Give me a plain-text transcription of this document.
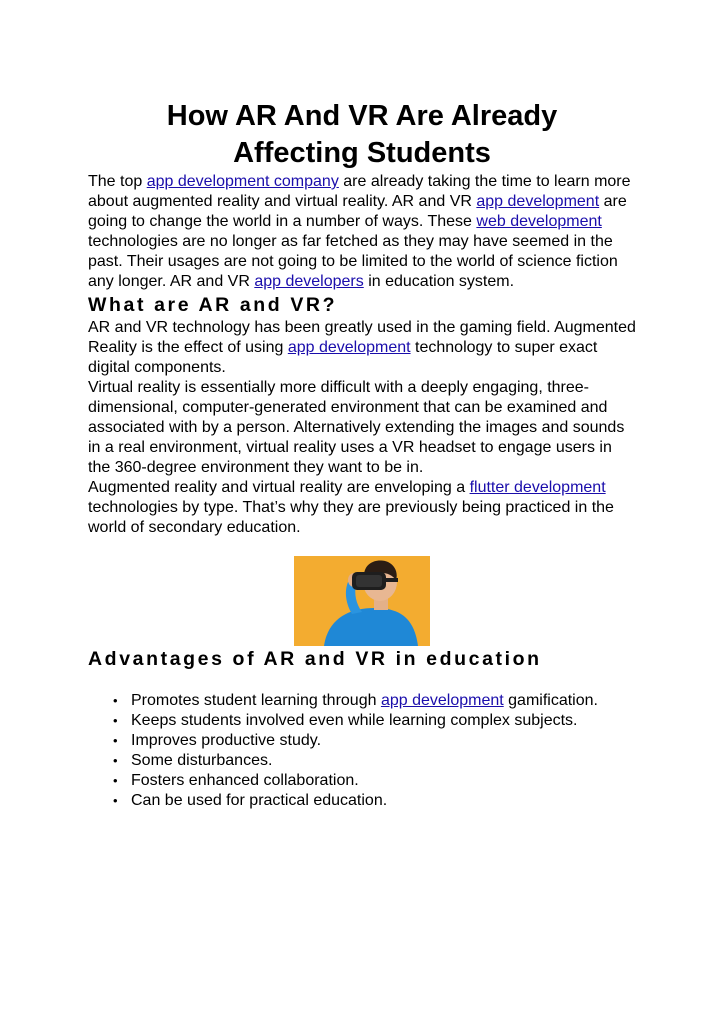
How AR And VR Are Already
Affecting Students

The top app development company are already taking the time to learn more about augmented reality and virtual reality. AR and VR app development are going to change the world in a number of ways. These web development technologies are no longer as far fetched as they may have seemed in the past. Their usages are not going to be limited to the world of science fiction any longer. AR and VR app developers in education system.

What are AR and VR?

AR and VR technology has been greatly used in the gaming field. Augmented Reality is the effect of using app development technology to super exact digital components.

Virtual reality is essentially more difficult with a deeply engaging, three-dimensional, computer-generated environment that can be examined and associated with by a person. Alternatively extending the images and sounds in a real environment, virtual reality uses a VR headset to engage users in the 360-degree environment they want to be in.

Augmented reality and virtual reality are enveloping a flutter development technologies by type. That’s why they are previously being practiced in the world of secondary education.

Advantages of AR and VR in education
• Promotes student learning through app development gamification.
• Keeps students involved even while learning complex subjects.
• Improves productive study.
• Some disturbances.
• Fosters enhanced collaboration.
• Can be used for practical education.
